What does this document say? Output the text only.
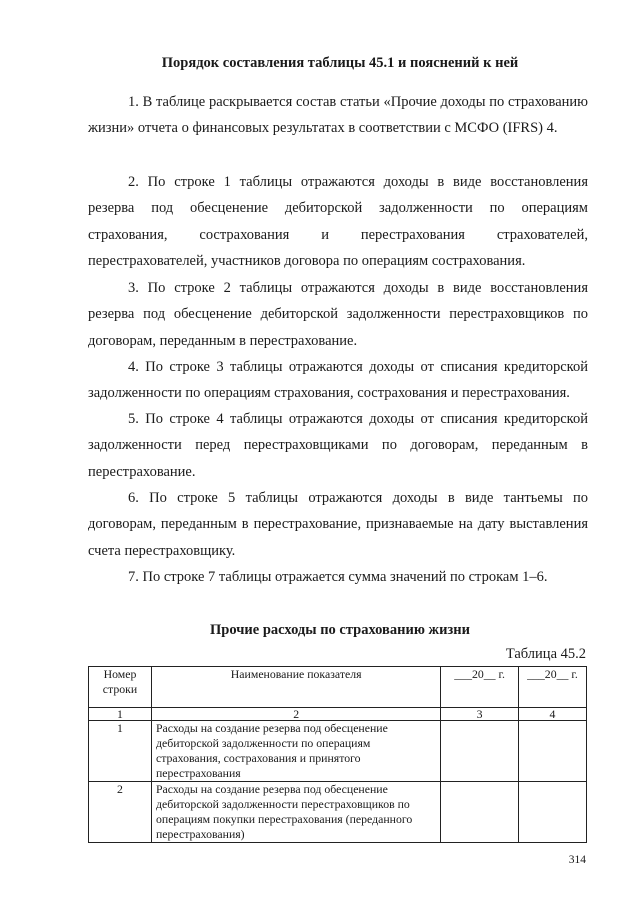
Порядок составления таблицы 45.1 и пояснений к ней

1. В таблице раскрывается состав статьи «Прочие доходы по страхованию жизни» отчета о финансовых результатах в соответствии с МСФО (IFRS) 4.

2. По строке 1 таблицы отражаются доходы в виде восстановления резерва под обесценение дебиторской задолженности по операциям страхования, сострахования и перестрахования страхователей, перестрахователей, участников договора по операциям сострахования.

3. По строке 2 таблицы отражаются доходы в виде восстановления резерва под обесценение дебиторской задолженности перестраховщиков по договорам, переданным в перестрахование.

4. По строке 3 таблицы отражаются доходы от списания кредиторской задолженности по операциям страхования, сострахования и перестрахования.

5. По строке 4 таблицы отражаются доходы от списания кредиторской задолженности перед перестраховщиками по договорам, переданным в перестрахование.

6. По строке 5 таблицы отражаются доходы в виде тантьемы по договорам, переданным в перестрахование, признаваемые на дату выставления счета перестраховщику.

7. По строке 7 таблицы отражается сумма значений по строкам 1–6.

Прочие расходы по страхованию жизни
Таблица 45.2
Номер строки	Наименование показателя	___20__ г.	___20__ г.
1	2	3	4
1	Расходы на создание резерва под обесценение дебиторской задолженности по операциям страхования, сострахования и принятого перестрахования		
2	Расходы на создание резерва под обесценение дебиторской задолженности перестраховщиков по операциям покупки перестрахования (переданного перестрахования)		
314
